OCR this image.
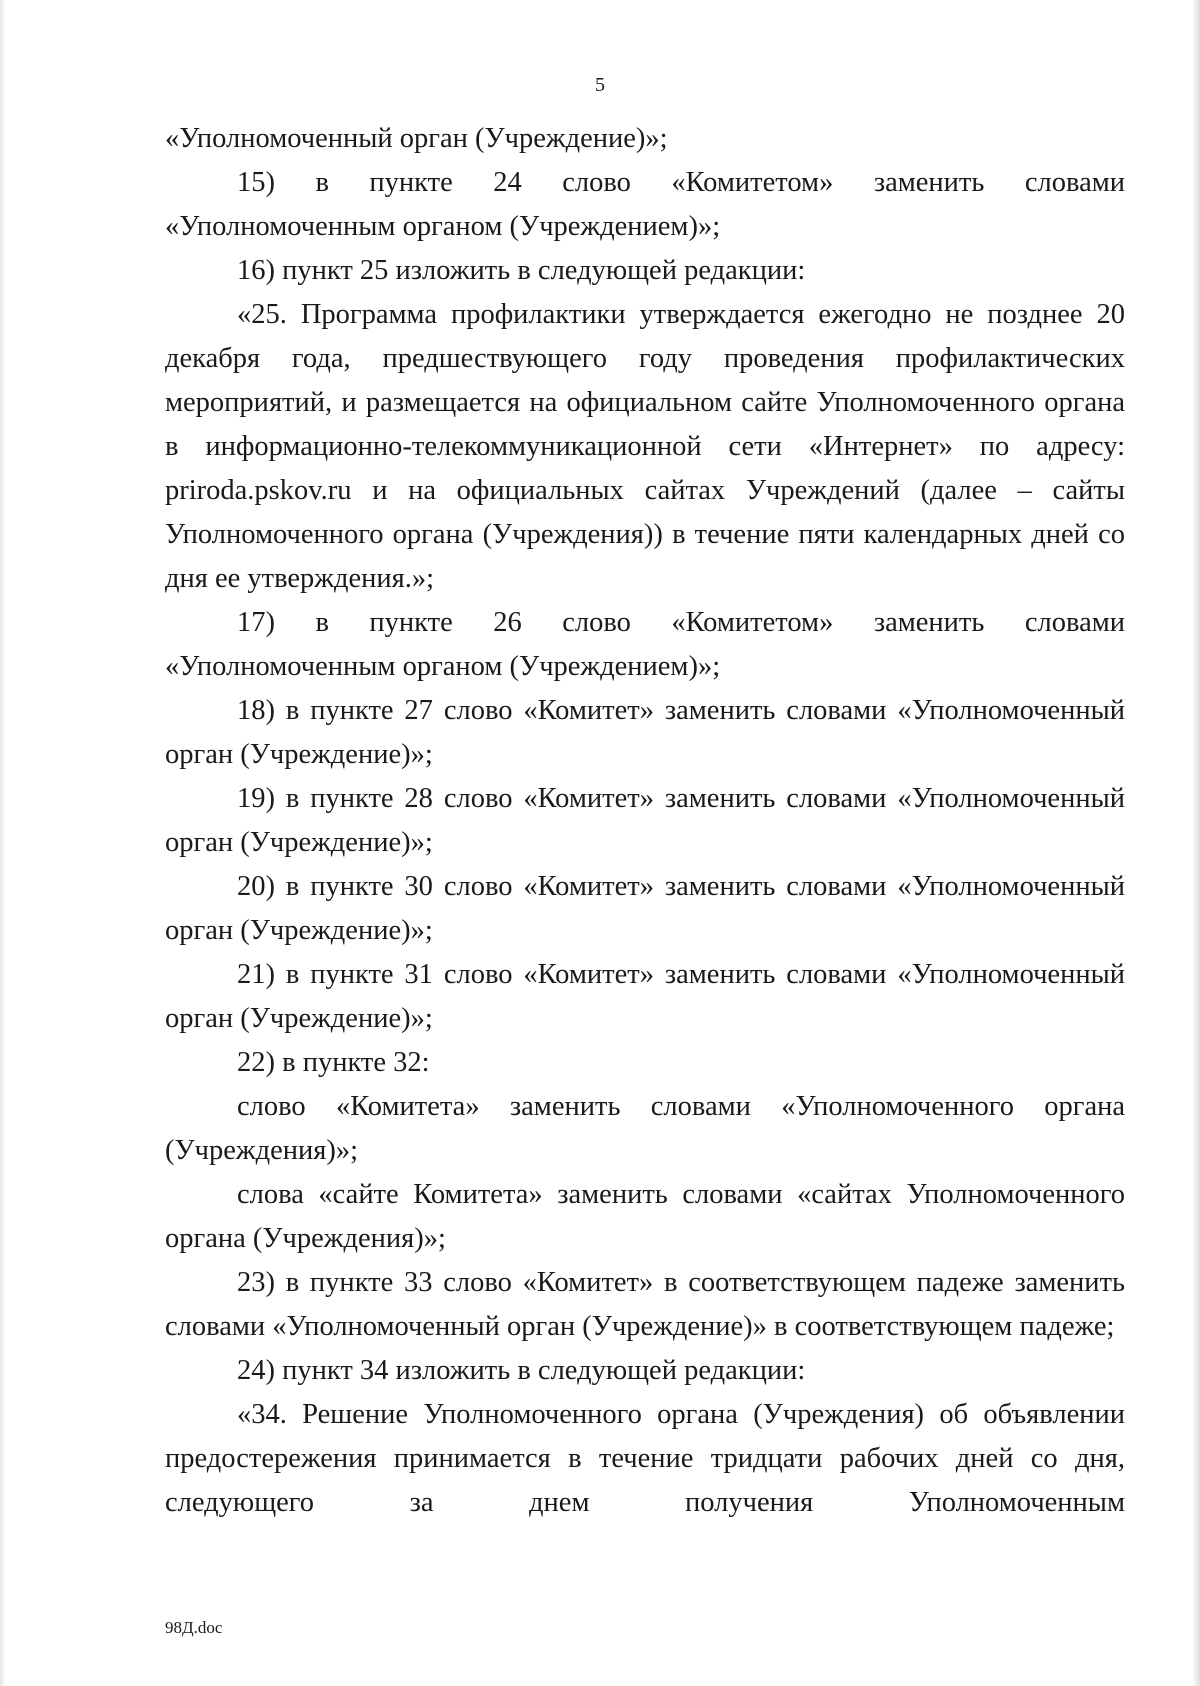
5

«Уполномоченный орган (Учреждение)»;

15) в пункте 24 слово «Комитетом» заменить словами «Уполномоченным органом (Учреждением)»;

16) пункт 25 изложить в следующей редакции:

«25. Программа профилактики утверждается ежегодно не позднее 20 декабря года, предшествующего году проведения профилактических мероприятий, и размещается на официальном сайте Уполномоченного органа в информационно-телекоммуникационной сети «Интернет» по адресу: priroda.pskov.ru и на официальных сайтах Учреждений (далее – сайты Уполномоченного органа (Учреждения)) в течение пяти календарных дней со дня ее утверждения.»;

17) в пункте 26 слово «Комитетом» заменить словами «Уполномоченным органом (Учреждением)»;

18) в пункте 27 слово «Комитет» заменить словами «Уполномоченный орган (Учреждение)»;

19) в пункте 28 слово «Комитет» заменить словами «Уполномоченный орган (Учреждение)»;

20) в пункте 30 слово «Комитет» заменить словами «Уполномоченный орган (Учреждение)»;

21) в пункте 31 слово «Комитет» заменить словами «Уполномоченный орган (Учреждение)»;

22) в пункте 32:

слово «Комитета» заменить словами «Уполномоченного органа (Учреждения)»;

слова «сайте Комитета» заменить словами «сайтах Уполномоченного органа (Учреждения)»;

23) в пункте 33 слово «Комитет» в соответствующем падеже заменить словами «Уполномоченный орган (Учреждение)» в соответствующем падеже;

24) пункт 34 изложить в следующей редакции:

«34. Решение Уполномоченного органа (Учреждения) об объявлении предостережения принимается в течение тридцати рабочих дней со дня, следующего за днем получения Уполномоченным

98Д.doc
